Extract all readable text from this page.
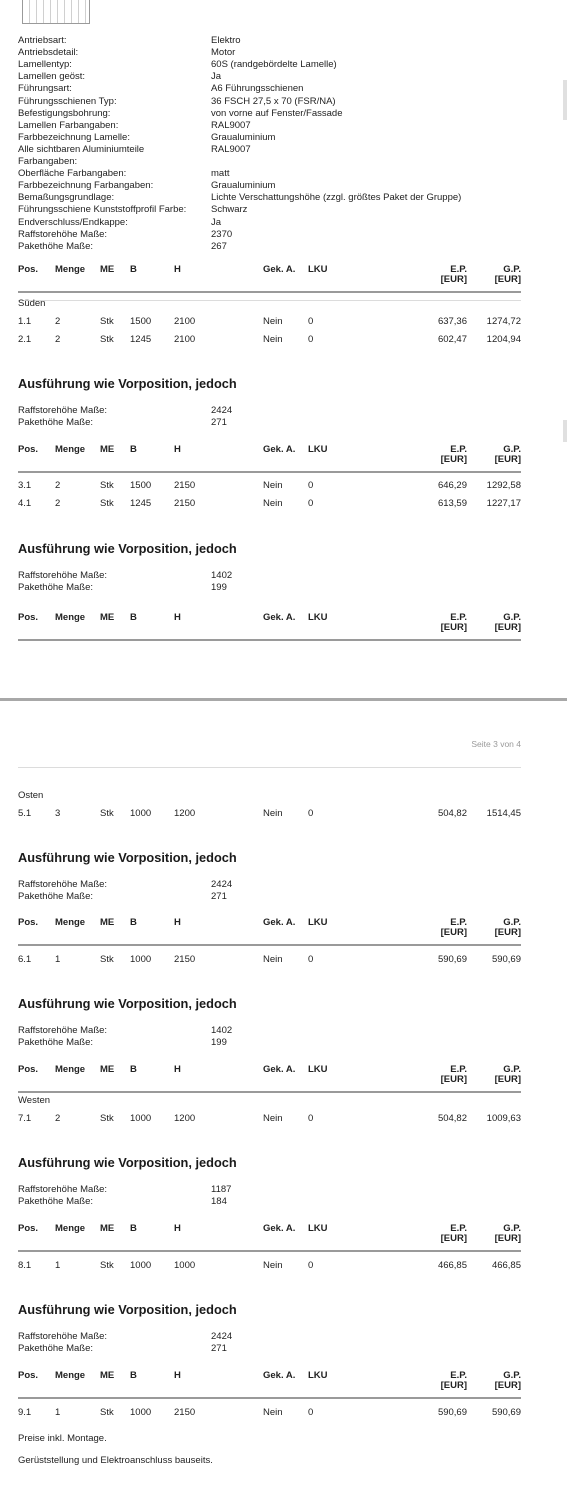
Antriebsart:	Elektro
Antriebsdetail:	Motor
Lamellentyp:	60S (randgebördelte Lamelle)
Lamellen geöst:	Ja
Führungsart:	A6 Führungsschienen
Führungsschienen Typ:	36 FSCH 27,5 x 70 (FSR/NA)
Befestigungsbohrung:	von vorne auf Fenster/Fassade
Lamellen Farbangaben:	RAL9007
Farbbezeichnung Lamelle:	Graualuminium
Alle sichtbaren Aluminiumteile	RAL9007
Farbangaben:
Oberfläche Farbangaben:	matt
Farbbezeichnung Farbangaben:	Graualuminium
Bemaßungsgrundlage:	Lichte Verschattungshöhe (zzgl. größtes Paket der Gruppe)
Führungsschiene Kunststoffprofil Farbe:	Schwarz
Endverschluss/Endkappe:	Ja
Raffstorehöhe Maße:	2370
Pakethöhe Maße:	267
Pos. Menge ME B	H	Gek. A. LKU	E.P.
[EUR]
G.P.
[EUR]
Süden
1.1	2	Stk 1500 2100	Nein	0	637,36 1274,72
2.1	2	Stk 1245 2100	Nein	0	602,47 1204,94
Ausführung wie Vorposition, jedoch
Raffstorehöhe Maße:	2424
Pakethöhe Maße:	271
Pos. Menge ME B	H	Gek. A. LKU	E.P.
[EUR]
G.P.
[EUR]
3.1	2	Stk 1500 2150	Nein	0	646,29 1292,58
4.1	2	Stk 1245 2150	Nein	0	613,59 1227,17
Ausführung wie Vorposition, jedoch
Raffstorehöhe Maße:	1402
Pakethöhe Maße:	199
Pos. Menge ME B	H	Gek. A. LKU	E.P.
[EUR]
G.P.
[EUR]
Osten
5.1	3	Stk 1000 1200	Nein	0	504,82 1514,45
Ausführung wie Vorposition, jedoch
Raffstorehöhe Maße:	2424
Pakethöhe Maße:	271
Pos. Menge ME B	H	Gek. A. LKU	E.P.
[EUR]
G.P.
[EUR]
6.1	1	Stk 1000 2150	Nein	0	590,69	590,69
Ausführung wie Vorposition, jedoch
Raffstorehöhe Maße:	1402
Pakethöhe Maße:	199
Pos. Menge ME B	H	Gek. A. LKU	E.P.
[EUR]
G.P.
[EUR]
Westen
7.1	2	Stk 1000 1200	Nein	0	504,82 1009,63
Ausführung wie Vorposition, jedoch
Raffstorehöhe Maße:	1187
Pakethöhe Maße:	184
Pos. Menge ME B	H	Gek. A. LKU	E.P.
[EUR]
G.P.
[EUR]
8.1	1	Stk 1000 1000	Nein	0	466,85	466,85
Ausführung wie Vorposition, jedoch
Raffstorehöhe Maße:	2424
Pakethöhe Maße:	271
Pos. Menge ME B	H	Gek. A. LKU	E.P.
[EUR]
G.P.
[EUR]
9.1	1	Stk 1000 2150	Nein	0	590,69	590,69
Seite 3 von 4
Preise inkl. Montage.
Gerüststellung und Elektroanschluss bauseits.
